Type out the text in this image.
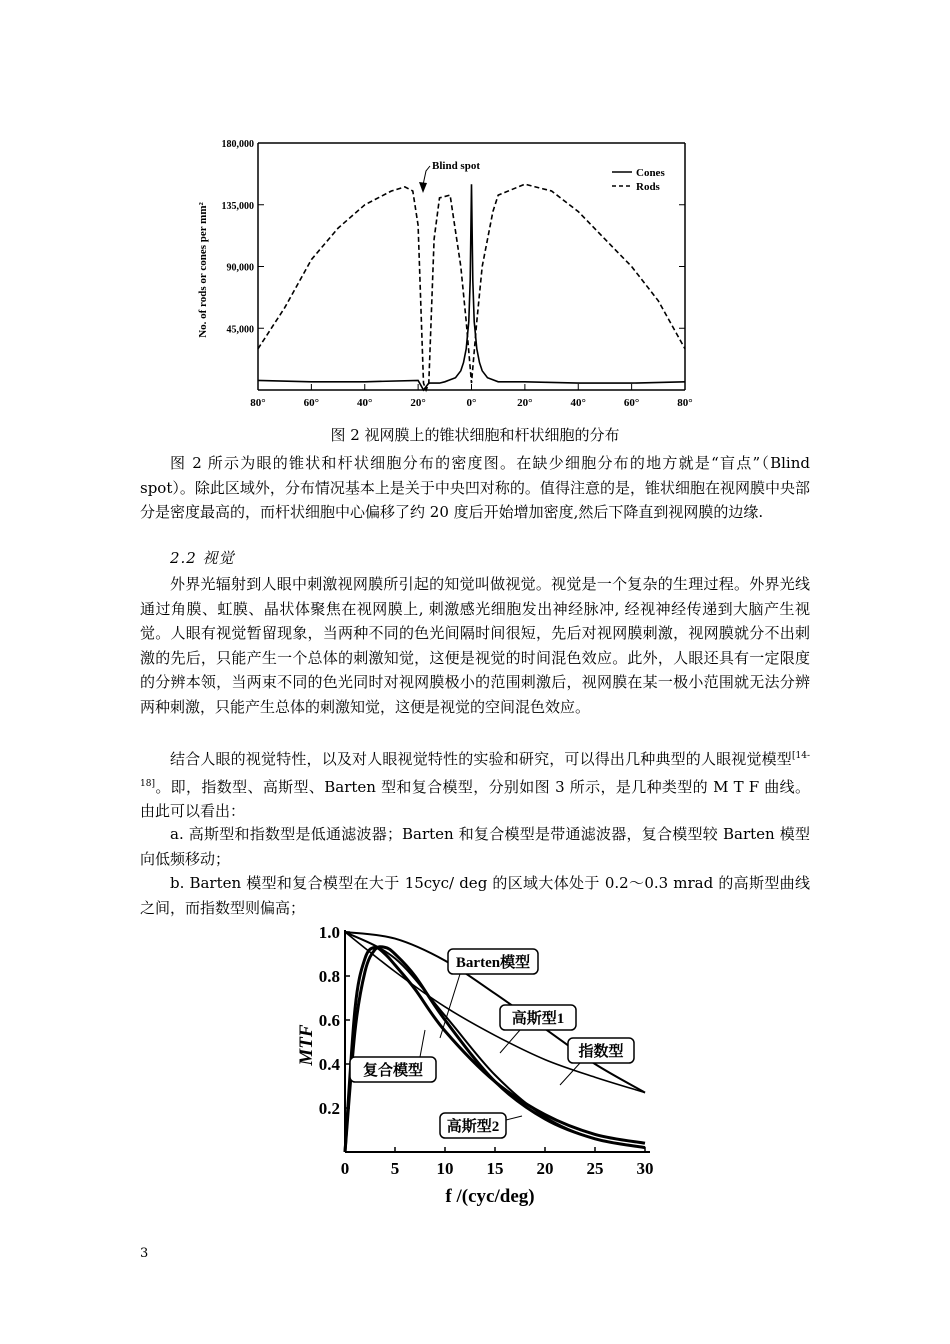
180,000
135,000
90,000
45,000
80°	60°	40°	20°	0°	20°	40°	60°	80°
No. of rods or cones per mm²
Blind spot
Cones
Rods
图 2 视网膜上的锥状细胞和杆状细胞的分布

图 2 所示为眼的锥状和杆状细胞分布的密度图。在缺少细胞分布的地方就是“盲点”（Blind spot）。除此区域外，分布情况基本上是关于中央凹对称的。值得注意的是，锥状细胞在视网膜中央部分是密度最高的，而杆状细胞中心偏移了约 20 度后开始增加密度,然后下降直到视网膜的边缘.

2.2 视觉

外界光辐射到人眼中刺激视网膜所引起的知觉叫做视觉。视觉是一个复杂的生理过程。外界光线通过角膜、虹膜、晶状体聚焦在视网膜上, 刺激感光细胞发出神经脉冲, 经视神经传递到大脑产生视觉。人眼有视觉暂留现象，当两种不同的色光间隔时间很短，先后对视网膜刺激，视网膜就分不出刺激的先后，只能产生一个总体的刺激知觉，这便是视觉的时间混色效应。此外，人眼还具有一定限度的分辨本领，当两束不同的色光同时对视网膜极小的范围刺激后，视网膜在某一极小范围就无法分辨两种刺激，只能产生总体的刺激知觉，这便是视觉的空间混色效应。

结合人眼的视觉特性，以及对人眼视觉特性的实验和研究，可以得出几种典型的人眼视觉模型[14-18]。即，指数型、高斯型、Barten 型和复合模型，分别如图 3 所示，是几种类型的 M T F 曲线。由此可以看出：

a. 高斯型和指数型是低通滤波器；Barten 和复合模型是带通滤波器，复合模型较 Barten 模型向低频移动；

b. Barten 模型和复合模型在大于 15cyc/ deg 的区域大体处于 0.2～0.3 mrad 的高斯型曲线之间，而指数型则偏高；

1.0
0.8
0.6
0.4
0.2
0 5 10 15 20 25 30
MTF
f /(cyc/deg)
Barten模型
高斯型1
指数型
复合模型
高斯型2
3
